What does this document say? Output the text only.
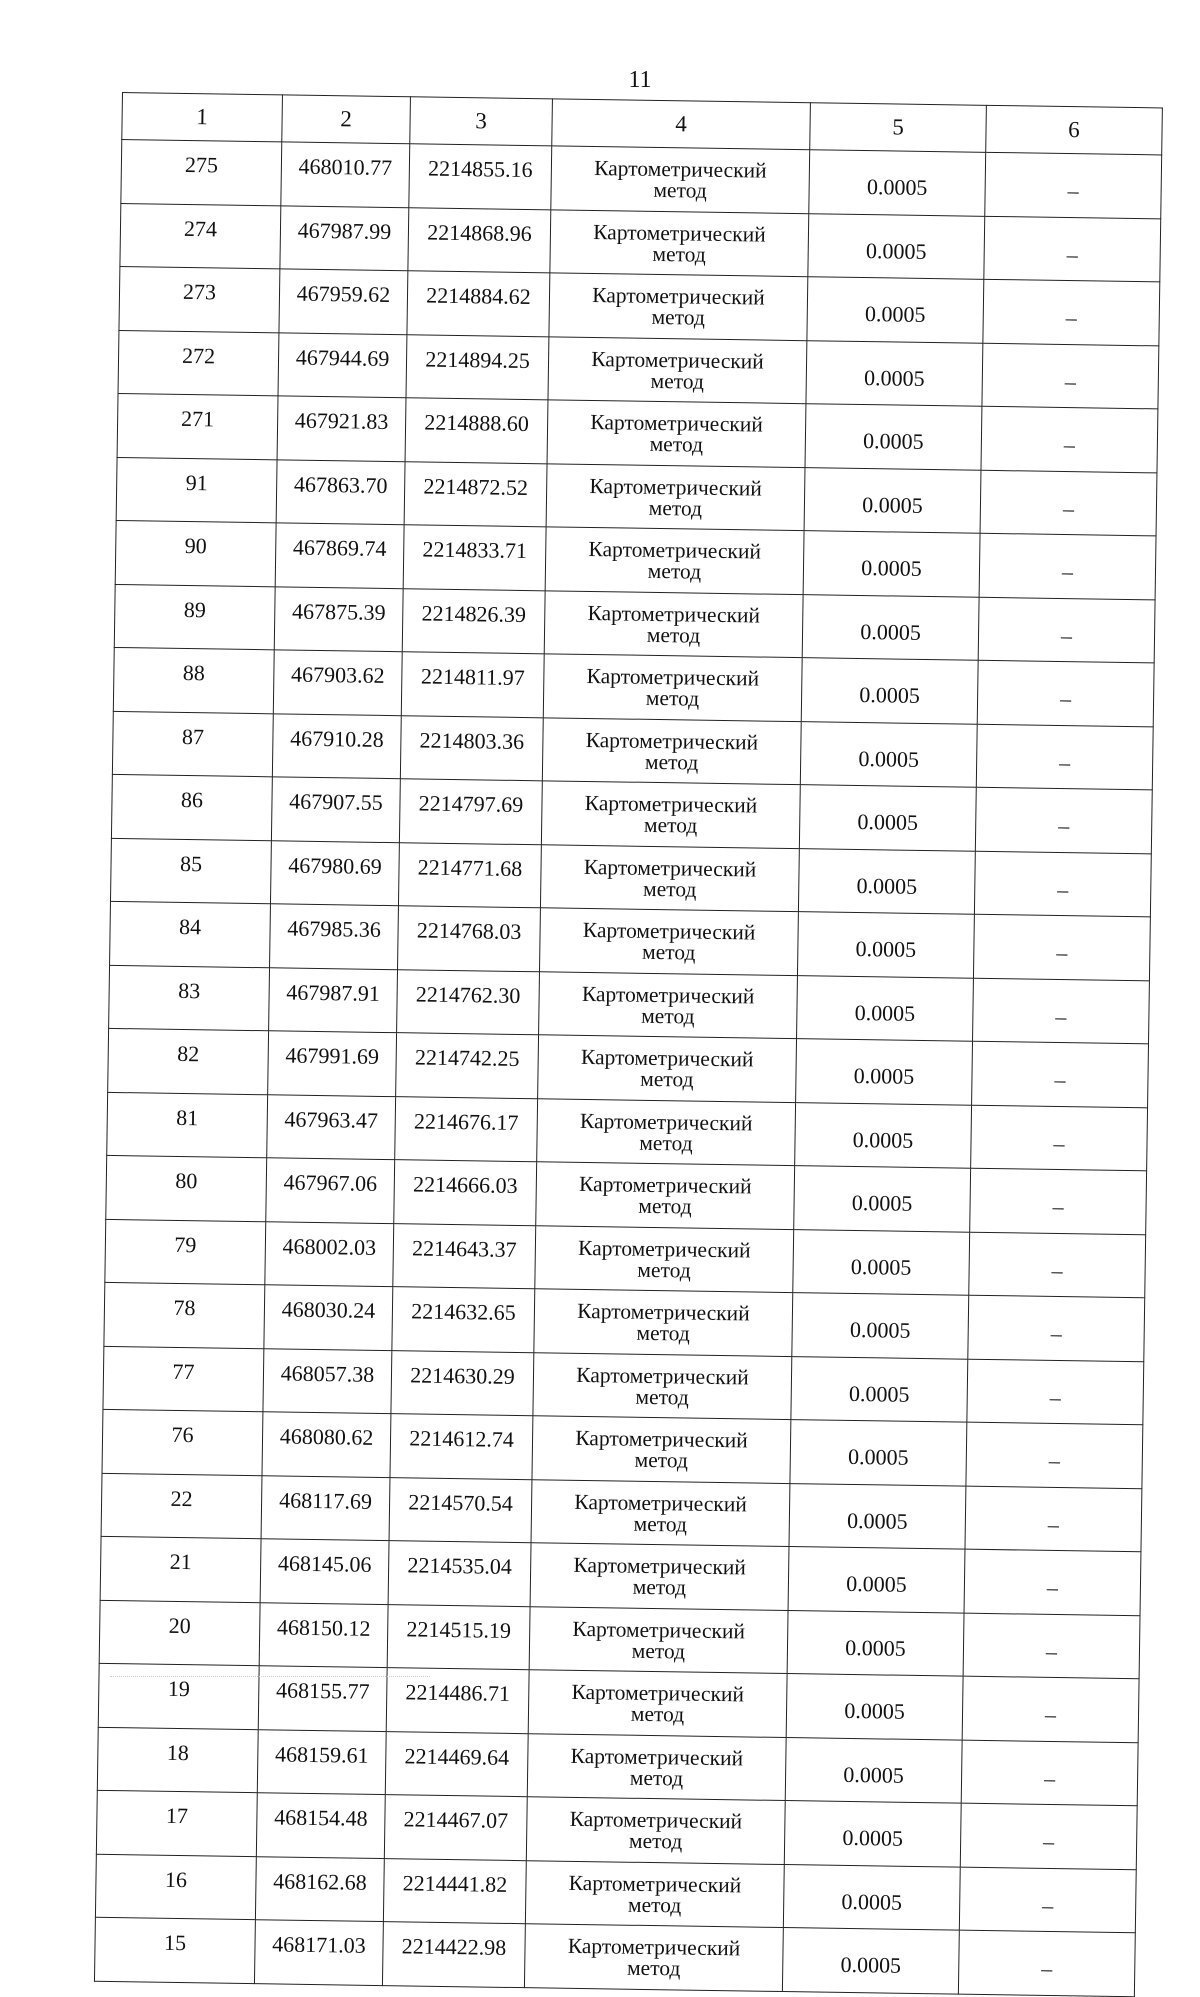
11
1	2	3	4	5	6
275	468010.77	2214855.16	Картометрический
метод	0.0005	–
274	467987.99	2214868.96	Картометрический
метод	0.0005	–
273	467959.62	2214884.62	Картометрический
метод	0.0005	–
272	467944.69	2214894.25	Картометрический
метод	0.0005	–
271	467921.83	2214888.60	Картометрический
метод	0.0005	–
91	467863.70	2214872.52	Картометрический
метод	0.0005	–
90	467869.74	2214833.71	Картометрический
метод	0.0005	–
89	467875.39	2214826.39	Картометрический
метод	0.0005	–
88	467903.62	2214811.97	Картометрический
метод	0.0005	–
87	467910.28	2214803.36	Картометрический
метод	0.0005	–
86	467907.55	2214797.69	Картометрический
метод	0.0005	–
85	467980.69	2214771.68	Картометрический
метод	0.0005	–
84	467985.36	2214768.03	Картометрический
метод	0.0005	–
83	467987.91	2214762.30	Картометрический
метод	0.0005	–
82	467991.69	2214742.25	Картометрический
метод	0.0005	–
81	467963.47	2214676.17	Картометрический
метод	0.0005	–
80	467967.06	2214666.03	Картометрический
метод	0.0005	–
79	468002.03	2214643.37	Картометрический
метод	0.0005	–
78	468030.24	2214632.65	Картометрический
метод	0.0005	–
77	468057.38	2214630.29	Картометрический
метод	0.0005	–
76	468080.62	2214612.74	Картометрический
метод	0.0005	–
22	468117.69	2214570.54	Картометрический
метод	0.0005	–
21	468145.06	2214535.04	Картометрический
метод	0.0005	–
20	468150.12	2214515.19	Картометрический
метод	0.0005	–
19	468155.77	2214486.71	Картометрический
метод	0.0005	–
18	468159.61	2214469.64	Картометрический
метод	0.0005	–
17	468154.48	2214467.07	Картометрический
метод	0.0005	–
16	468162.68	2214441.82	Картометрический
метод	0.0005	–
15	468171.03	2214422.98	Картометрический
метод	0.0005	–
